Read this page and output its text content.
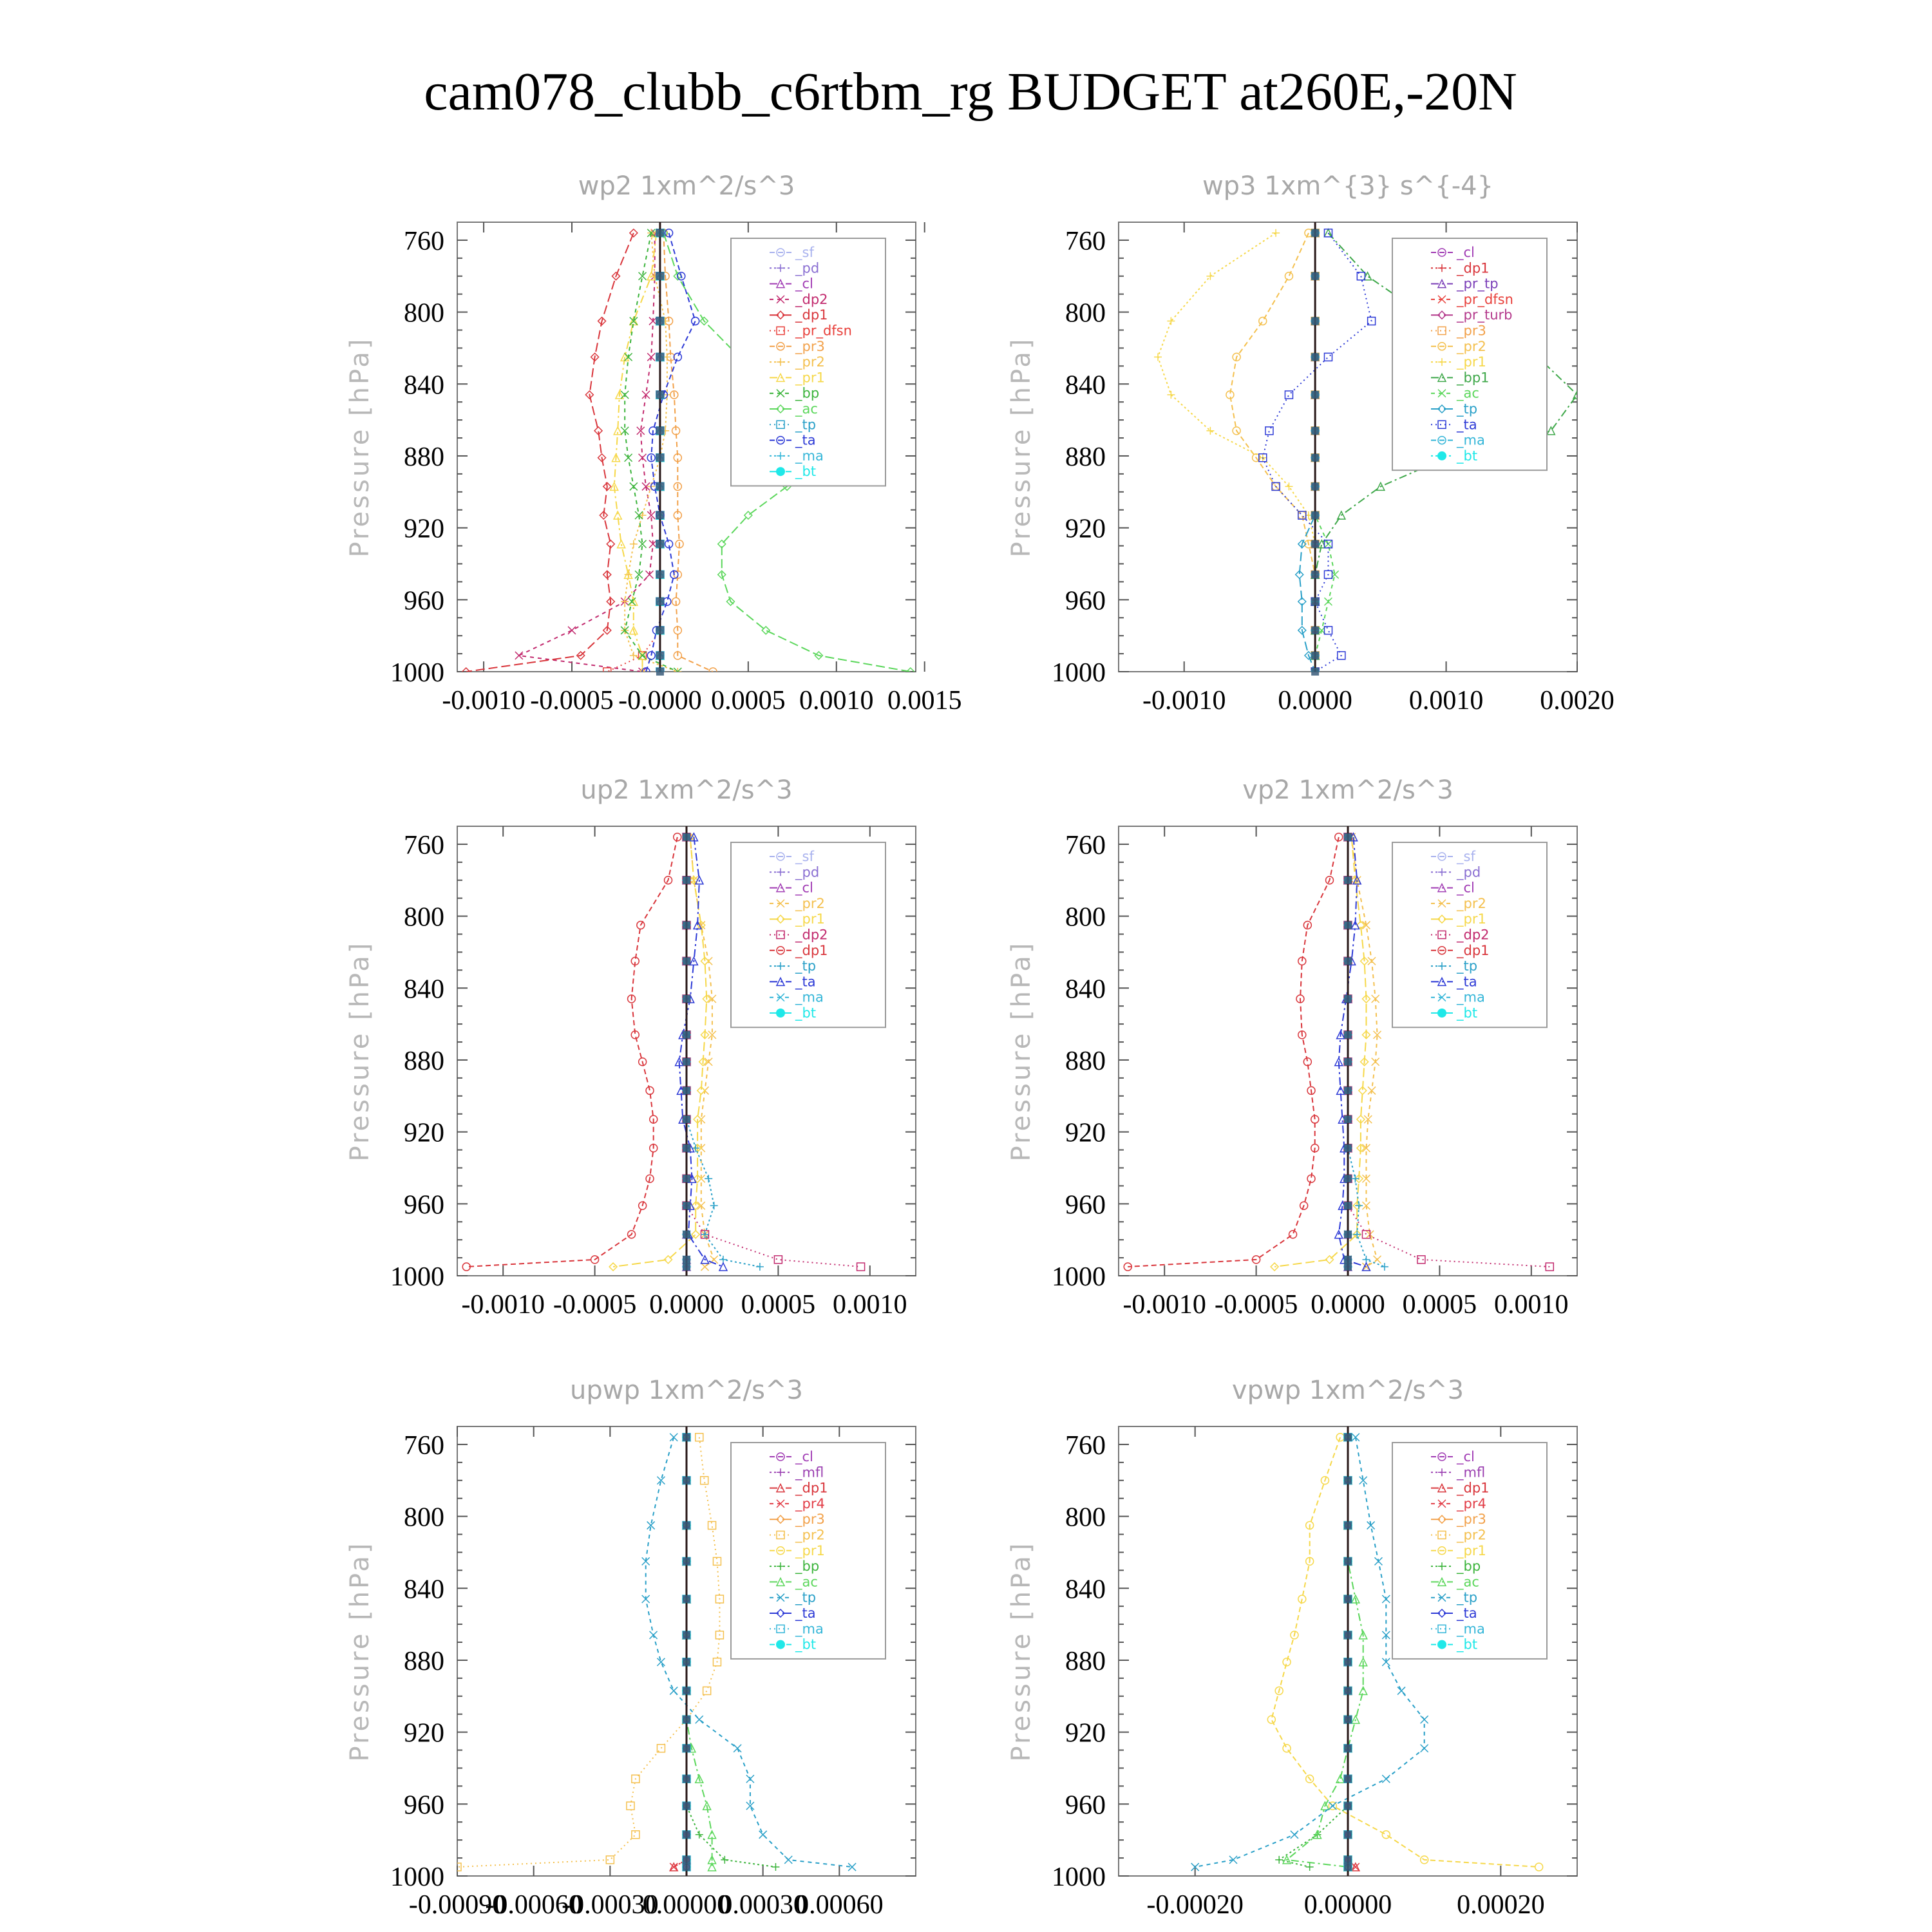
cam078_clubb_c6rtbm_rg BUDGET at260E,-20N
wp2 1xm^2/s^3
Pressure [hPa]
760
800
840
880
920
960
1000
-0.0010 -0.0005 -0.0000 0.0005 0.0010 0.0015
_sf
_pd
_cl
_dp2
_dp1
_pr_dfsn
_pr3
_pr2
_pr1
_bp
_ac
_tp
_ta
_ma
_bt
wp3 1xm^{3} s^{-4}
Pressure [hPa]
760
800
840
880
920
960
1000
-0.0010 0.0000 0.0010 0.0020
_cl
_dp1
_pr_tp
_pr_dfsn
_pr_turb
_pr3
_pr2
_pr1
_bp1
_ac
_tp
_ta
_ma
_bt
up2 1xm^2/s^3
Pressure [hPa]
760
800
840
880
920
960
1000
-0.0010 -0.0005 0.0000 0.0005 0.0010
_sf
_pd
_cl
_pr2
_pr1
_dp2
_dp1
_tp
_ta
_ma
_bt
vp2 1xm^2/s^3
Pressure [hPa]
760
800
840
880
920
960
1000
-0.0010 -0.0005 0.0000 0.0005 0.0010
_sf
_pd
_cl
_pr2
_pr1
_dp2
_dp1
_tp
_ta
_ma
_bt
upwp 1xm^2/s^3
Pressure [hPa]
760
800
840
880
920
960
1000
-0.00090
-0.00060
-0.00030
0.00000
0.00030
0.00060
_cl
_mfl
_dp1
_pr4
_pr3
_pr2
_pr1
_bp
_ac
_tp
_ta
_ma
_bt
vpwp 1xm^2/s^3
Pressure [hPa]
760
800
840
880
920
960
1000
-0.00020 0.00000 0.00020
_cl
_mfl
_dp1
_pr4
_pr3
_pr2
_pr1
_bp
_ac
_tp
_ta
_ma
_bt
